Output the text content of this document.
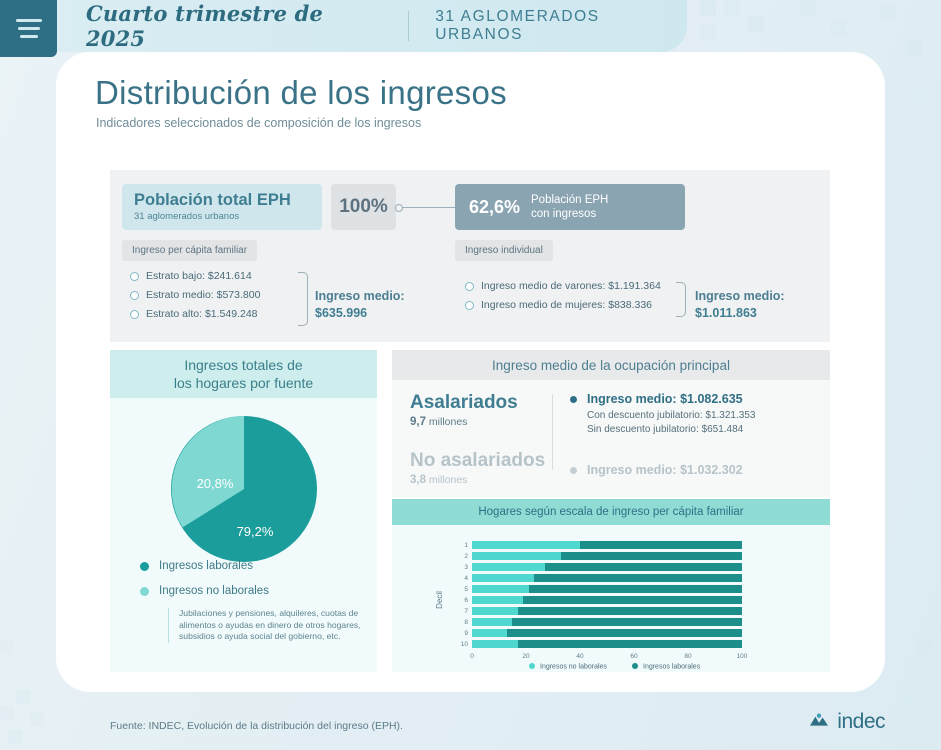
Cuarto trimestre de 2025
31 AGLOMERADOS URBANOS
Distribución de los ingresos
Indicadores seleccionados de composición de los ingresos
Población total EPH
31 aglomerados urbanos	100%	62,6% Población EPH
con ingresos
Ingreso per cápita familiar	Ingreso individual
Estrato bajo: $241.614
Estrato medio: $573.800
Estrato alto: $1.549.248
Ingreso medio:
$635.996
Ingreso medio de varones: $1.191.364
Ingreso medio de mujeres: $838.336
Ingreso medio:
$1.011.863
Ingresos totales de
los hogares por fuente
20,8%
79,2%
Ingresos laborales
Ingresos no laborales
Jubilaciones y pensiones, alquileres, cuotas de alimentos o ayudas en dinero de otros hogares, subsidios o ayuda social del gobierno, etc.
Ingreso medio de la ocupación principal
Asalariados
9,7 millones
No asalariados
3,8 millones
Ingreso medio: $1.082.635
Con descuento jubilatorio: $1.321.353
Sin descuento jubilatorio: $651.484
Ingreso medio: $1.032.302
Hogares según escala de ingreso per cápita familiar
Decil
1
2
3
4
5
6
7
8
9
10
0	20	40	60	80	100
Ingresos no laborales	Ingresos laborales
Fuente: INDEC, Evolución de la distribución del ingreso (EPH).	indec
